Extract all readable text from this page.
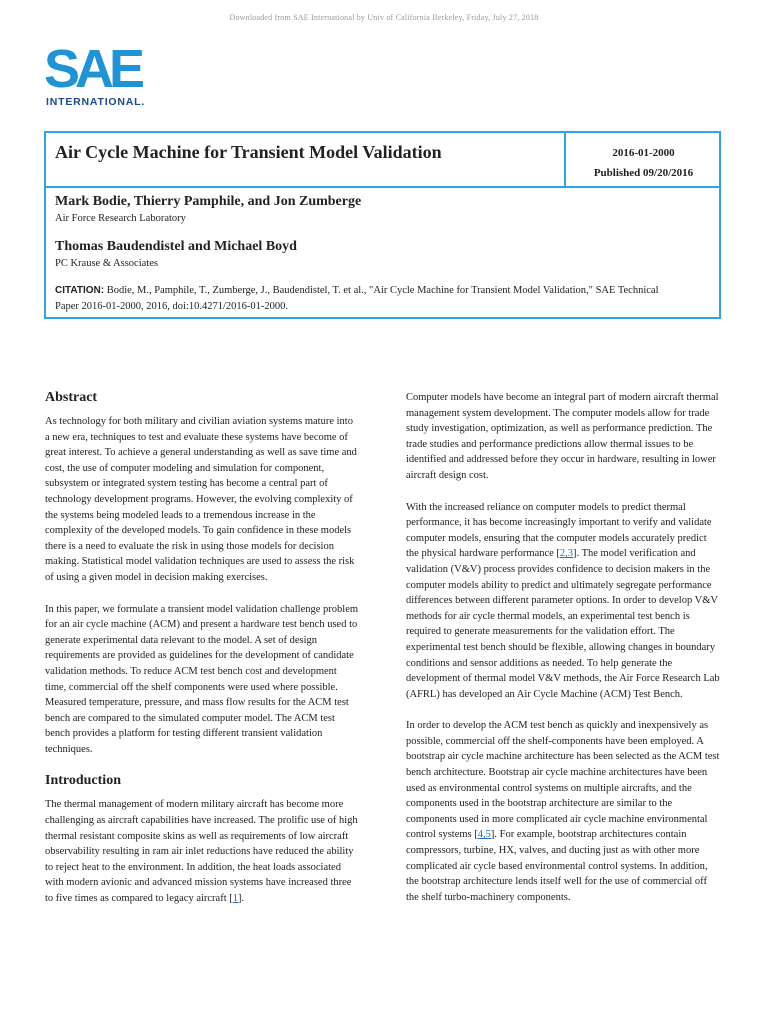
Downloaded from SAE International by Univ of California Berkeley, Friday, July 27, 2018
SAE
INTERNATIONAL.
Air Cycle Machine for Transient Model Validation	2016-01-2000
Published 09/20/2016
Mark Bodie, Thierry Pamphile, and Jon Zumberge
Air Force Research Laboratory
Thomas Baudendistel and Michael Boyd
PC Krause & Associates
CITATION: Bodie, M., Pamphile, T., Zumberge, J., Baudendistel, T. et al., "Air Cycle Machine for Transient Model Validation," SAE Technical Paper 2016-01-2000, 2016, doi:10.4271/2016-01-2000.
Abstract

As technology for both military and civilian aviation systems mature into a new era, techniques to test and evaluate these systems have become of great interest. To achieve a general understanding as well as save time and cost, the use of computer modeling and simulation for component, subsystem or integrated system testing has become a central part of technology development programs. However, the evolving complexity of the systems being modeled leads to a tremendous increase in the complexity of the developed models. To gain confidence in these models there is a need to evaluate the risk in using those models for decision making. Statistical model validation techniques are used to assess the risk of using a given model in decision making exercises.

In this paper, we formulate a transient model validation challenge problem for an air cycle machine (ACM) and present a hardware test bench used to generate experimental data relevant to the model. A set of design requirements are provided as guidelines for the development of candidate validation methods. To reduce ACM test bench cost and development time, commercial off the shelf components were used where possible. Measured temperature, pressure, and mass flow results for the ACM test bench are compared to the simulated computer model. The ACM test bench provides a platform for testing different transient validation techniques.

Introduction

The thermal management of modern military aircraft has become more challenging as aircraft capabilities have increased. The prolific use of high thermal resistant composite skins as well as requirements of low aircraft observability resulting in ram air inlet reductions have reduced the ability to reject heat to the environment. In addition, the heat loads associated with modern avionic and advanced mission systems have increased three to five times as compared to legacy aircraft [1].

Computer models have become an integral part of modern aircraft thermal management system development. The computer models allow for trade study investigation, optimization, as well as performance prediction. The trade studies and performance predictions allow thermal issues to be identified and addressed before they occur in hardware, resulting in lower aircraft design cost.

With the increased reliance on computer models to predict thermal performance, it has become increasingly important to verify and validate computer models, ensuring that the computer models accurately predict the physical hardware performance [2,3]. The model verification and validation (V&V) process provides confidence to decision makers in the computer models ability to predict and ultimately segregate performance differences between different parameter options. In order to develop V&V methods for air cycle thermal models, an experimental test bench is required to generate measurements for the validation effort. The experimental test bench should be flexible, allowing changes in boundary conditions and sensor additions as needed. To help generate the development of thermal model V&V methods, the Air Force Research Lab (AFRL) has developed an Air Cycle Machine (ACM) Test Bench.

In order to develop the ACM test bench as quickly and inexpensively as possible, commercial off the shelf-components have been employed. A bootstrap air cycle machine architecture has been selected as the ACM test bench architecture. Bootstrap air cycle machine architectures have been used as environmental control systems on multiple aircrafts, and the components used in the bootstrap architecture are similar to the components used in more complicated air cycle machine environmental control systems [4,5]. For example, bootstrap architectures contain compressors, turbine, HX, valves, and ducting just as with other more complicated air cycle based environmental control systems. In addition, the bootstrap architecture lends itself well for the use of commercial off the shelf turbo-machinery components.
